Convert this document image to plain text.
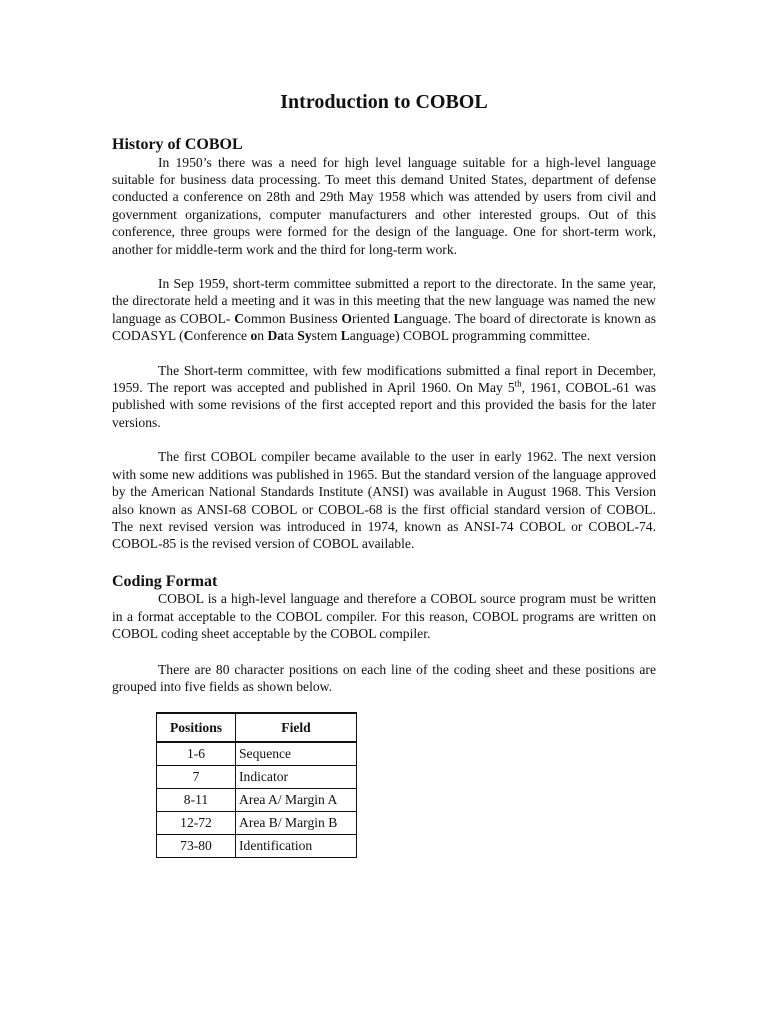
Introduction to COBOL
History of COBOL

In 1950’s there was a need for high level language suitable for a high-level language suitable for business data processing. To meet this demand United States, department of defense conducted a conference on 28th and 29th May 1958 which was attended by users from civil and government organizations, computer manufacturers and other interested groups. Out of this conference, three groups were formed for the design of the language. One for short-term work, another for middle-term work and the third for long-term work.

In Sep 1959, short-term committee submitted a report to the directorate. In the same year, the directorate held a meeting and it was in this meeting that the new language was named the new language as COBOL- Common Business Oriented Language. The board of directorate is known as CODASYL (Conference on Data System Language) COBOL programming committee.

The Short-term committee, with few modifications submitted a final report in December, 1959. The report was accepted and published in April 1960. On May 5th, 1961, COBOL-61 was published with some revisions of the first accepted report and this provided the basis for the later versions.

The first COBOL compiler became available to the user in early 1962. The next version with some new additions was published in 1965. But the standard version of the language approved by the American National Standards Institute (ANSI) was available in August 1968. This Version also known as ANSI-68 COBOL or COBOL-68 is the first official standard version of COBOL. The next revised version was introduced in 1974, known as ANSI-74 COBOL or COBOL-74. COBOL-85 is the revised version of COBOL available.

Coding Format

COBOL is a high-level language and therefore a COBOL source program must be written in a format acceptable to the COBOL compiler. For this reason, COBOL programs are written on COBOL coding sheet acceptable by the COBOL compiler.

There are 80 character positions on each line of the coding sheet and these positions are grouped into five fields as shown below.

Positions	Field
1-6	Sequence
7	Indicator
8-11	Area A/ Margin A
12-72	Area B/ Margin B
73-80	Identification
